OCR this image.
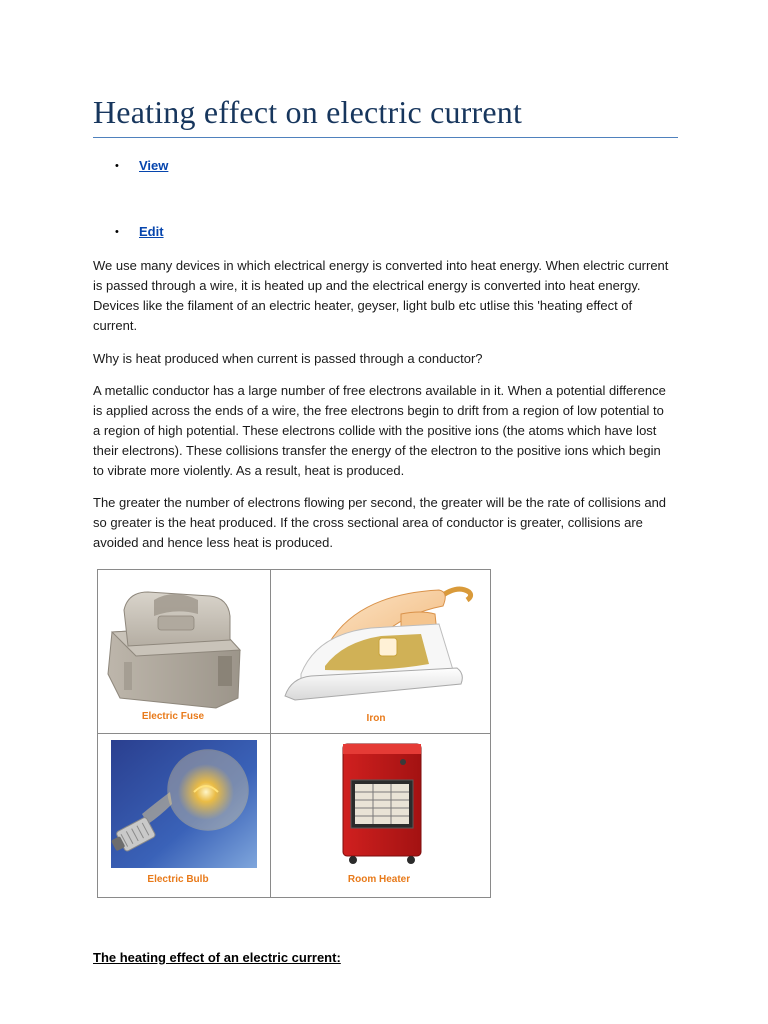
Heating effect on electric current
• View
• Edit

We use many devices in which electrical energy is converted into heat energy. When electric current
is passed through a wire, it is heated up and the electrical energy is converted into heat energy.
Devices like the filament of an electric heater, geyser, light bulb etc utlise this 'heating effect of
current.

Why is heat produced when current is passed through a conductor?

A metallic conductor has a large number of free electrons available in it. When a potential difference
is applied across the ends of a wire, the free electrons begin to drift from a region of low potential to
a region of high potential. These electrons collide with the positive ions (the atoms which have lost
their electrons). These collisions transfer the energy of the electron to the positive ions which begin
to vibrate more violently. As a result, heat is produced.

The greater the number of electrons flowing per second, the greater will be the rate of collisions and
so greater is the heat produced. If the cross sectional area of conductor is greater, collisions are
avoided and hence less heat is produced.

Electric Fuse	Iron
Electric Bulb	Room Heater

The heating effect of an electric current:
